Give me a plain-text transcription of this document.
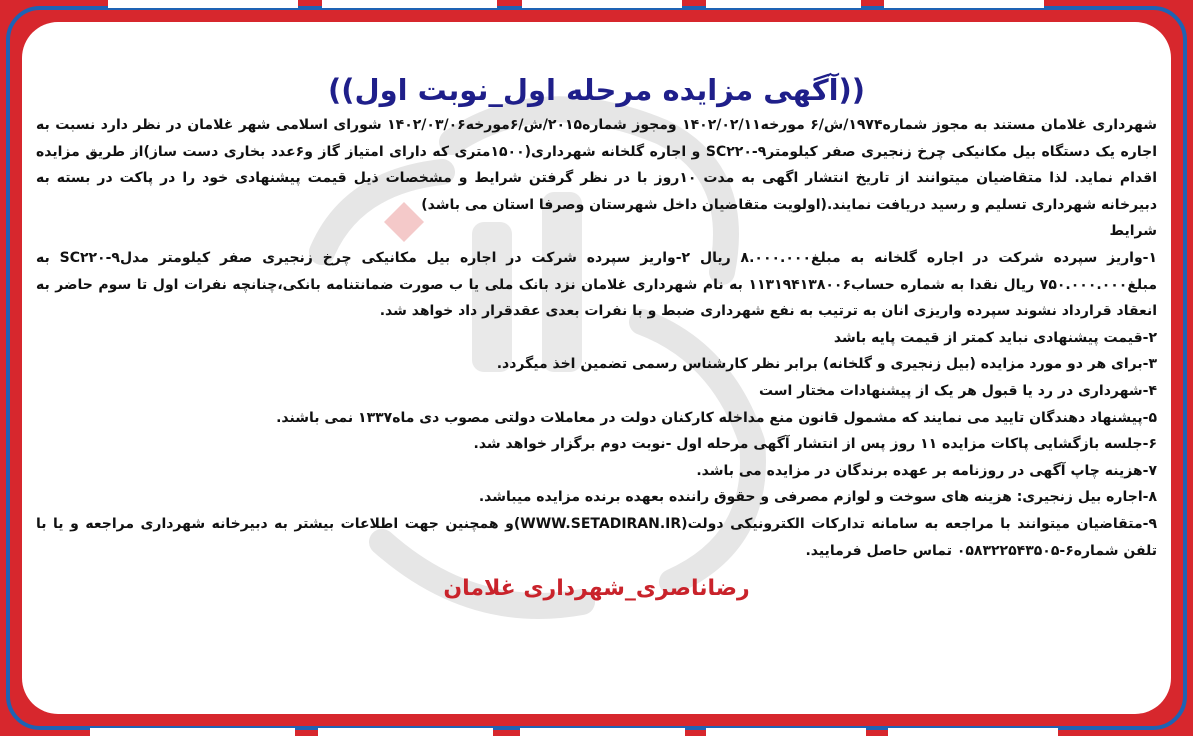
((آگهی مزایده مرحله اول_نوبت اول))
شهرداری غلامان مستند به مجوز شماره۱۹۷۴/ش/۶ مورخه۱۴۰۲/۰۲/۱۱ ومجوز شماره۲۰۱۵/ش/۶مورخه۱۴۰۲/۰۳/۰۶ شورای اسلامی شهر غلامان در نظر دارد نسبت به اجاره یک دستگاه بیل مکانیکی چرخ زنجیری صفر کیلومتر۹-SC۲۲۰ و اجاره گلخانه شهرداری(۱۵۰۰متری که دارای امتیاز گاز و۶عدد بخاری دست ساز)از طریق مزایده اقدام نماید. لذا متقاضیان میتوانند از تاریخ انتشار اگهی به مدت ۱۰روز با در نظر گرفتن شرایط و مشخصات ذیل قیمت پیشنهادی خود را در پاکت در بسته به دبیرخانه شهرداری تسلیم و رسید دریافت نمایند.(اولویت متقاضیان داخل شهرستان وصرفا استان می باشد)
شرایط
۱-واریز سپرده شرکت در اجاره گلخانه به مبلغ۸.۰۰۰.۰۰۰ ریال ۲-واریز سپرده شرکت در اجاره بیل مکانیکی چرخ زنجیری صفر کیلومتر مدل۹-SC۲۲۰ به مبلغ۷۵۰.۰۰۰.۰۰۰ ریال نقدا به شماره حساب۱۱۳۱۹۴۱۳۸۰۰۶ به نام شهرداری غلامان نزد بانک ملی یا ب صورت ضمانتنامه بانکی،چنانچه نفرات اول تا سوم حاضر به انعقاد قرارداد نشوند سپرده واریزی انان به ترتیب به نفع شهرداری ضبط و با نفرات بعدی عقدقرار داد خواهد شد.
۲-قیمت پیشنهادی نباید کمتر از قیمت پایه باشد
۳-برای هر دو مورد مزایده (بیل زنجیری و گلخانه) برابر نظر کارشناس رسمی تضمین اخذ میگردد.
۴-شهرداری در رد یا قبول هر یک از پیشنهادات مختار است
۵-پیشنهاد دهندگان تایید می نمایند که مشمول قانون منع مداخله کارکنان دولت در معاملات دولتی مصوب دی ماه۱۳۳۷ نمی باشند.
۶-جلسه بازگشایی پاکات مزایده ۱۱ روز پس از انتشار آگهی مرحله اول -نوبت دوم برگزار خواهد شد.
۷-هزینه چاپ آگهی در روزنامه بر عهده برندگان در مزایده می باشد.
۸-اجاره بیل زنجیری: هزینه های سوخت و لوازم مصرفی و حقوق راننده بعهده برنده مزایده میباشد.
۹-متقاضیان میتوانند با مراجعه به سامانه تدارکات الکترونیکی دولت(WWW.SETADIRAN.IR)و همچنین جهت اطلاعات بیشتر به دبیرخانه شهرداری مراجعه و یا با تلفن شماره۶-۰۵۸۳۲۲۵۴۳۵۰۵ تماس حاصل فرمایید.
رضاناصری_شهرداری غلامان
